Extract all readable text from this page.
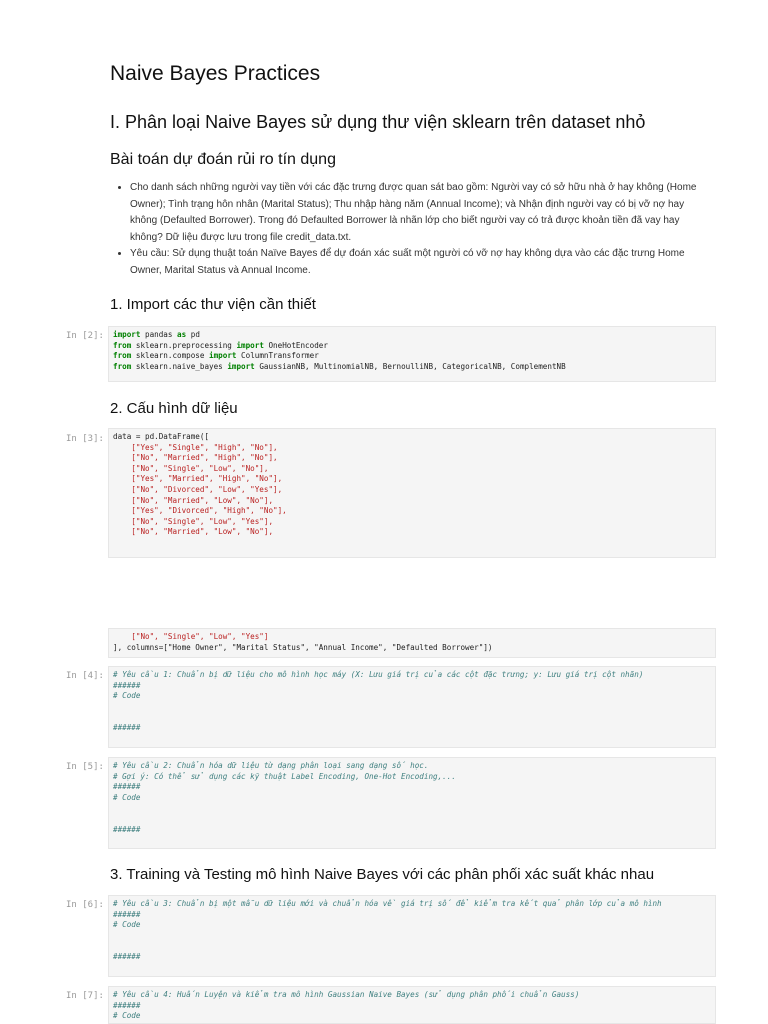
Naive Bayes Practices
I. Phân loại Naive Bayes sử dụng thư viện sklearn trên dataset nhỏ
Bài toán dự đoán rủi ro tín dụng
• Cho danh sách những người vay tiền với các đặc trưng được quan sát bao gồm: Người vay có sở hữu nhà ở hay không (Home Owner); Tình trạng hôn nhân (Marital Status); Thu nhập hàng năm (Annual Income); và Nhận định người vay có bị vỡ nợ hay không (Defaulted Borrower). Trong đó Defaulted Borrower là nhãn lớp cho biết người vay có trả được khoản tiền đã vay hay không? Dữ liệu được lưu trong file credit_data.txt.
• Yêu cầu: Sử dụng thuật toán Naïve Bayes để dự đoán xác suất một người có vỡ nợ hay không dựa vào các đặc trưng Home Owner, Marital Status và Annual Income.
1. Import các thư viện cần thiết
In [2]: import pandas as pd
from sklearn.preprocessing import OneHotEncoder
from sklearn.compose import ColumnTransformer
from sklearn.naive_bayes import GaussianNB, MultinomialNB, BernoulliNB, CategoricalNB, ComplementNB
2. Cấu hình dữ liệu
In [3]: data = pd.DataFrame([
["Yes", "Single", "High", "No"],
["No", "Married", "High", "No"],
["No", "Single", "Low", "No"],
["Yes", "Married", "High", "No"],
["No", "Divorced", "Low", "Yes"],
["No", "Married", "Low", "No"],
["Yes", "Divorced", "High", "No"],
["No", "Single", "Low", "Yes"],
["No", "Married", "Low", "No"],
["No", "Single", "Low", "Yes"]
], columns=["Home Owner", "Marital Status", "Annual Income", "Defaulted Borrower"])
In [4]: # Yêu cầu 1: Chuẩn bị dữ liệu cho mô hình học máy (X: Lưu giá trị của các cột đặc trưng; y: Lưu giá trị cột nhãn)
######
# Code

######
In [5]: # Yêu cầu 2: Chuẩn hóa dữ liệu từ dạng phân loại sang dạng số học.
# Gợi ý: Có thể sử dụng các kỹ thuật Label Encoding, One-Hot Encoding,...
######
# Code

######
3. Training và Testing mô hình Naive Bayes với các phân phối xác suất khác nhau
In [6]: # Yêu cầu 3: Chuẩn bị một mẫu dữ liệu mới và chuẩn hóa về giá trị số để kiểm tra kết quả phân lớp của mô hình
######
# Code

######
In [7]: # Yêu cầu 4: Huấn Luyện và kiểm tra mô hình Gaussian Naive Bayes (sử dụng phân phối chuẩn Gauss)
######
# Code
